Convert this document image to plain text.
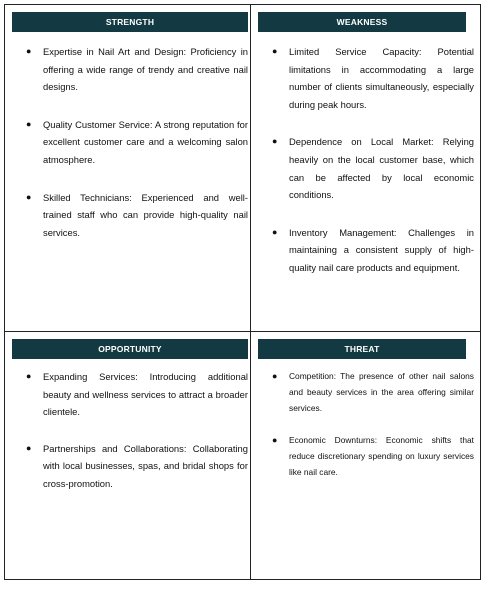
STRENGTH
● Expertise in Nail Art and Design: Proficiency in offering a wide range of trendy and creative nail designs.
● Quality Customer Service: A strong reputation for excellent customer care and a welcoming salon atmosphere.
● Skilled Technicians: Experienced and well-trained staff who can provide high-quality nail services.
WEAKNESS
● Limited Service Capacity: Potential limitations in accommodating a large number of clients simultaneously, especially during peak hours.
● Dependence on Local Market: Relying heavily on the local customer base, which can be affected by local economic conditions.
● Inventory Management: Challenges in maintaining a consistent supply of high-quality nail care products and equipment.
OPPORTUNITY
● Expanding Services: Introducing additional beauty and wellness services to attract a broader clientele.
● Partnerships and Collaborations: Collaborating with local businesses, spas, and bridal shops for cross-promotion.
THREAT
● Competition: The presence of other nail salons and beauty services in the area offering similar services.
● Economic Downturns: Economic shifts that reduce discretionary spending on luxury services like nail care.
